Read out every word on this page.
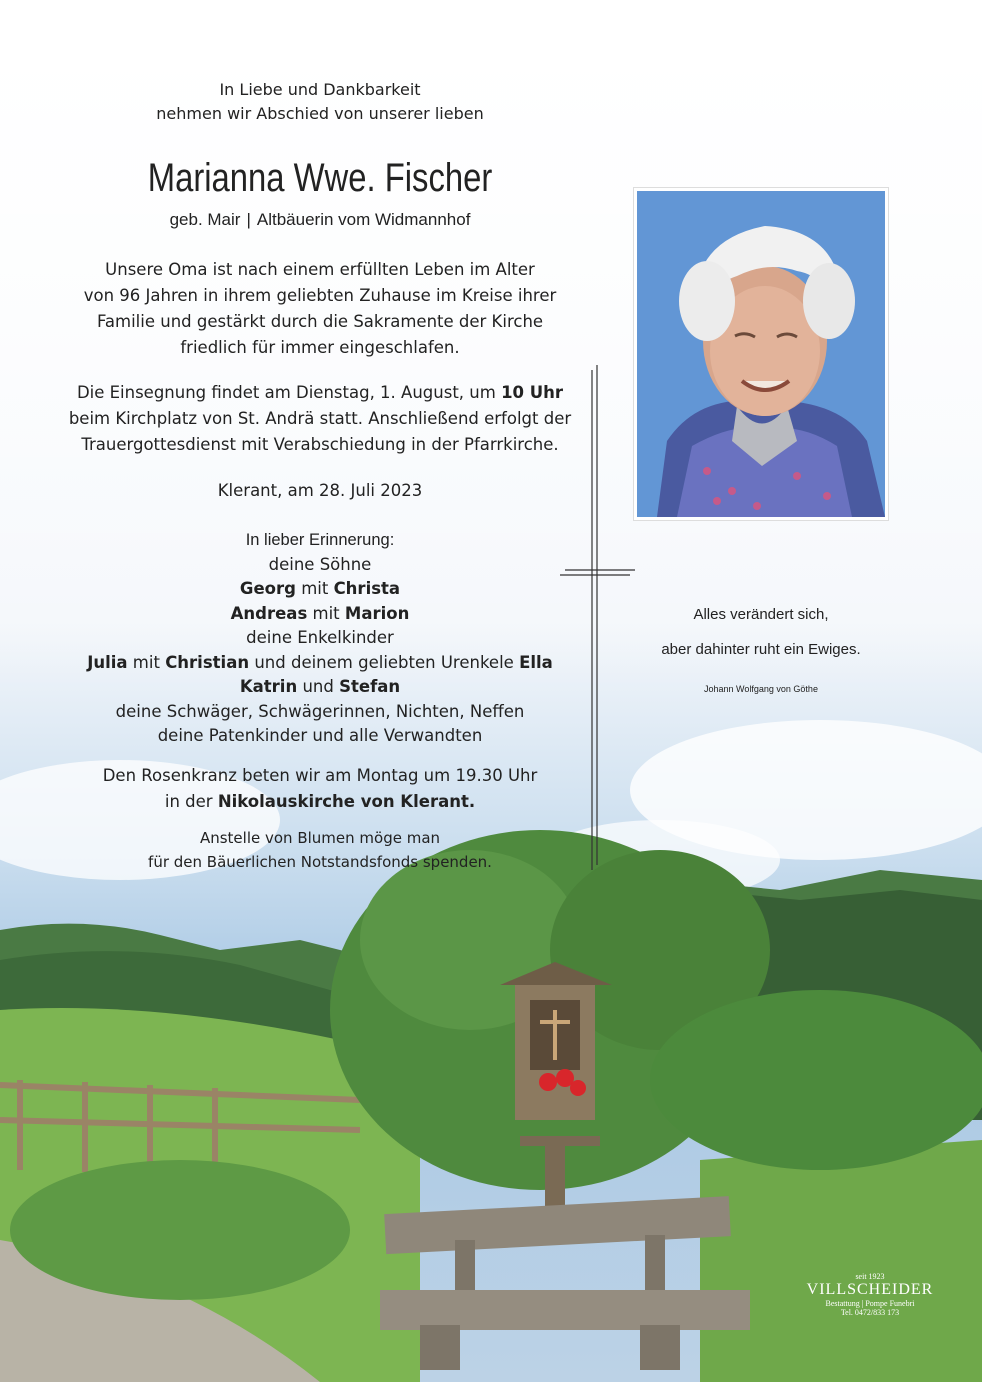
In Liebe und Dankbarkeit
nehmen wir Abschied von unserer lieben
Marianna Wwe. Fischer
geb. Mair | Altbäuerin vom Widmannhof
Unsere Oma ist nach einem erfüllten Leben im Alter
von 96 Jahren in ihrem geliebten Zuhause im Kreise ihrer
Familie und gestärkt durch die Sakramente der Kirche
friedlich für immer eingeschlafen.
Die Einsegnung findet am Dienstag, 1. August, um 10 Uhr
beim Kirchplatz von St. Andrä statt. Anschließend erfolgt der
Trauergottesdienst mit Verabschiedung in der Pfarrkirche.
Klerant, am 28. Juli 2023
In lieber Erinnerung:
deine Söhne
Georg mit Christa
Andreas mit Marion
deine Enkelkinder
Julia mit Christian und deinem geliebten Urenkele Ella
Katrin und Stefan
deine Schwäger, Schwägerinnen, Nichten, Neffen
deine Patenkinder und alle Verwandten
Den Rosenkranz beten wir am Montag um 19.30 Uhr
in der Nikolauskirche von Klerant.
Anstelle von Blumen möge man
für den Bäuerlichen Notstandsfonds spenden.
Alles verändert sich,
aber dahinter ruht ein Ewiges.
Johann Wolfgang von Göthe
seit 1923
VILLSCHEIDER
Bestattung | Pompe Funebri
Tel. 0472/833 173
